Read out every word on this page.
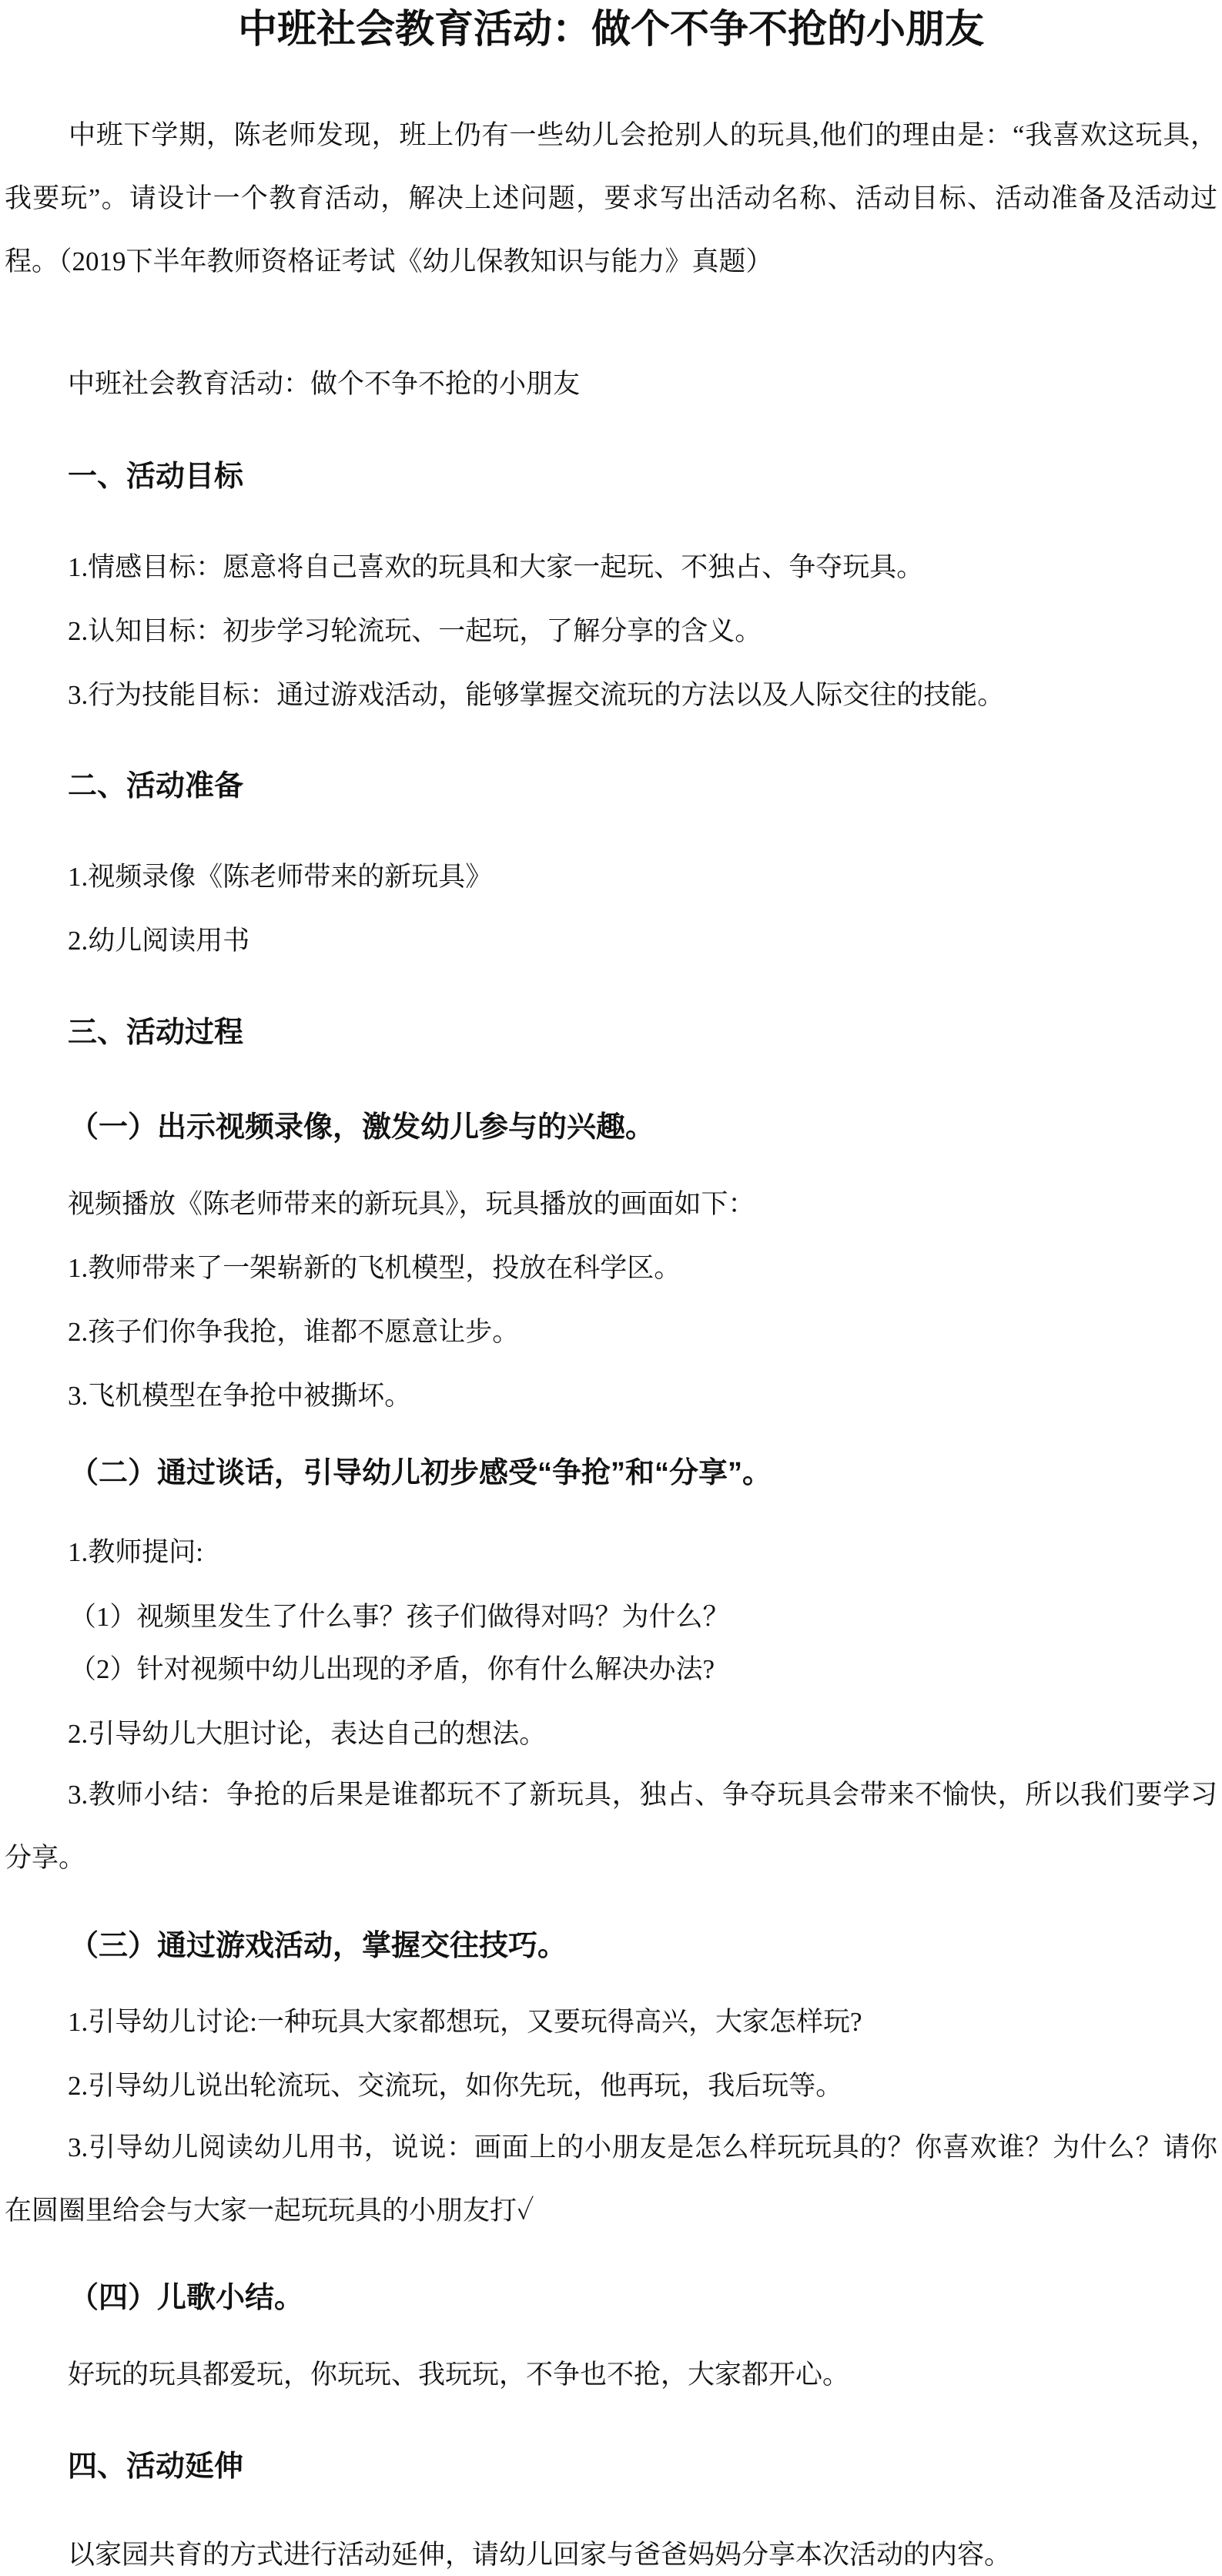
中班社会教育活动：做个不争不抢的小朋友

中班下学期，陈老师发现，班上仍有一些幼儿会抢别人的玩具,他们的理由是：“我喜欢这玩具，我要玩”。请设计一个教育活动，解决上述问题，要求写出活动名称、活动目标、活动准备及活动过程。（2019下半年教师资格证考试《幼儿保教知识与能力》真题）

中班社会教育活动：做个不争不抢的小朋友

一、活动目标

1.情感目标：愿意将自己喜欢的玩具和大家一起玩、不独占、争夺玩具。

2.认知目标：初步学习轮流玩、一起玩，了解分享的含义。

3.行为技能目标：通过游戏活动，能够掌握交流玩的方法以及人际交往的技能。

二、活动准备

1.视频录像《陈老师带来的新玩具》

2.幼儿阅读用书

三、活动过程
（一）出示视频录像，激发幼儿参与的兴趣。

视频播放《陈老师带来的新玩具》，玩具播放的画面如下：

1.教师带来了一架崭新的飞机模型，投放在科学区。

2.孩子们你争我抢，谁都不愿意让步。

3.飞机模型在争抢中被撕坏。

（二）通过谈话，引导幼儿初步感受“争抢”和“分享”。

1.教师提问:

（1）视频里发生了什么事？孩子们做得对吗？为什么？

（2）针对视频中幼儿出现的矛盾，你有什么解决办法?

2.引导幼儿大胆讨论，表达自己的想法。

3.教师小结：争抢的后果是谁都玩不了新玩具，独占、争夺玩具会带来不愉快，所以我们要学习分享。

（三）通过游戏活动，掌握交往技巧。

1.引导幼儿讨论:一种玩具大家都想玩，又要玩得高兴，大家怎样玩?

2.引导幼儿说出轮流玩、交流玩，如你先玩，他再玩，我后玩等。

3.引导幼儿阅读幼儿用书，说说：画面上的小朋友是怎么样玩玩具的？你喜欢谁？为什么？请你在圆圈里给会与大家一起玩玩具的小朋友打✓

（四）儿歌小结。

好玩的玩具都爱玩，你玩玩、我玩玩，不争也不抢，大家都开心。

四、活动延伸

以家园共育的方式进行活动延伸，请幼儿回家与爸爸妈妈分享本次活动的内容。
